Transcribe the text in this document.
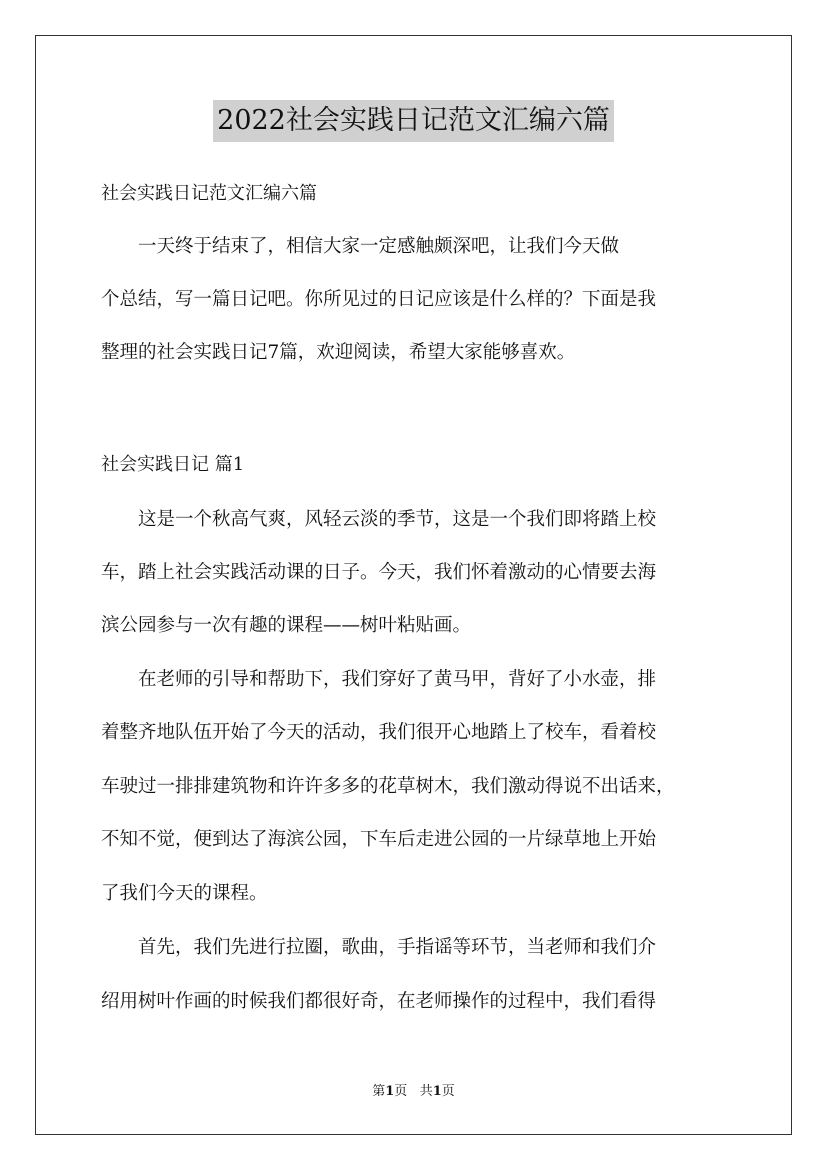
2022社会实践日记范文汇编六篇
社会实践日记范文汇编六篇
　　一天终于结束了，相信大家一定感触颇深吧，让我们今天做
个总结，写一篇日记吧。你所见过的日记应该是什么样的？下面是我
整理的社会实践日记7篇，欢迎阅读，希望大家能够喜欢。
社会实践日记 篇1
　　这是一个秋高气爽，风轻云淡的季节，这是一个我们即将踏上校
车，踏上社会实践活动课的日子。今天，我们怀着激动的心情要去海
滨公园参与一次有趣的课程——树叶粘贴画。
　　在老师的引导和帮助下，我们穿好了黄马甲，背好了小水壶，排
着整齐地队伍开始了今天的活动，我们很开心地踏上了校车，看着校
车驶过一排排建筑物和许许多多的花草树木，我们激动得说不出话来，
不知不觉，便到达了海滨公园，下车后走进公园的一片绿草地上开始
了我们今天的课程。
　　首先，我们先进行拉圈，歌曲，手指谣等环节，当老师和我们介
绍用树叶作画的时候我们都很好奇，在老师操作的过程中，我们看得
第1页 共1页
